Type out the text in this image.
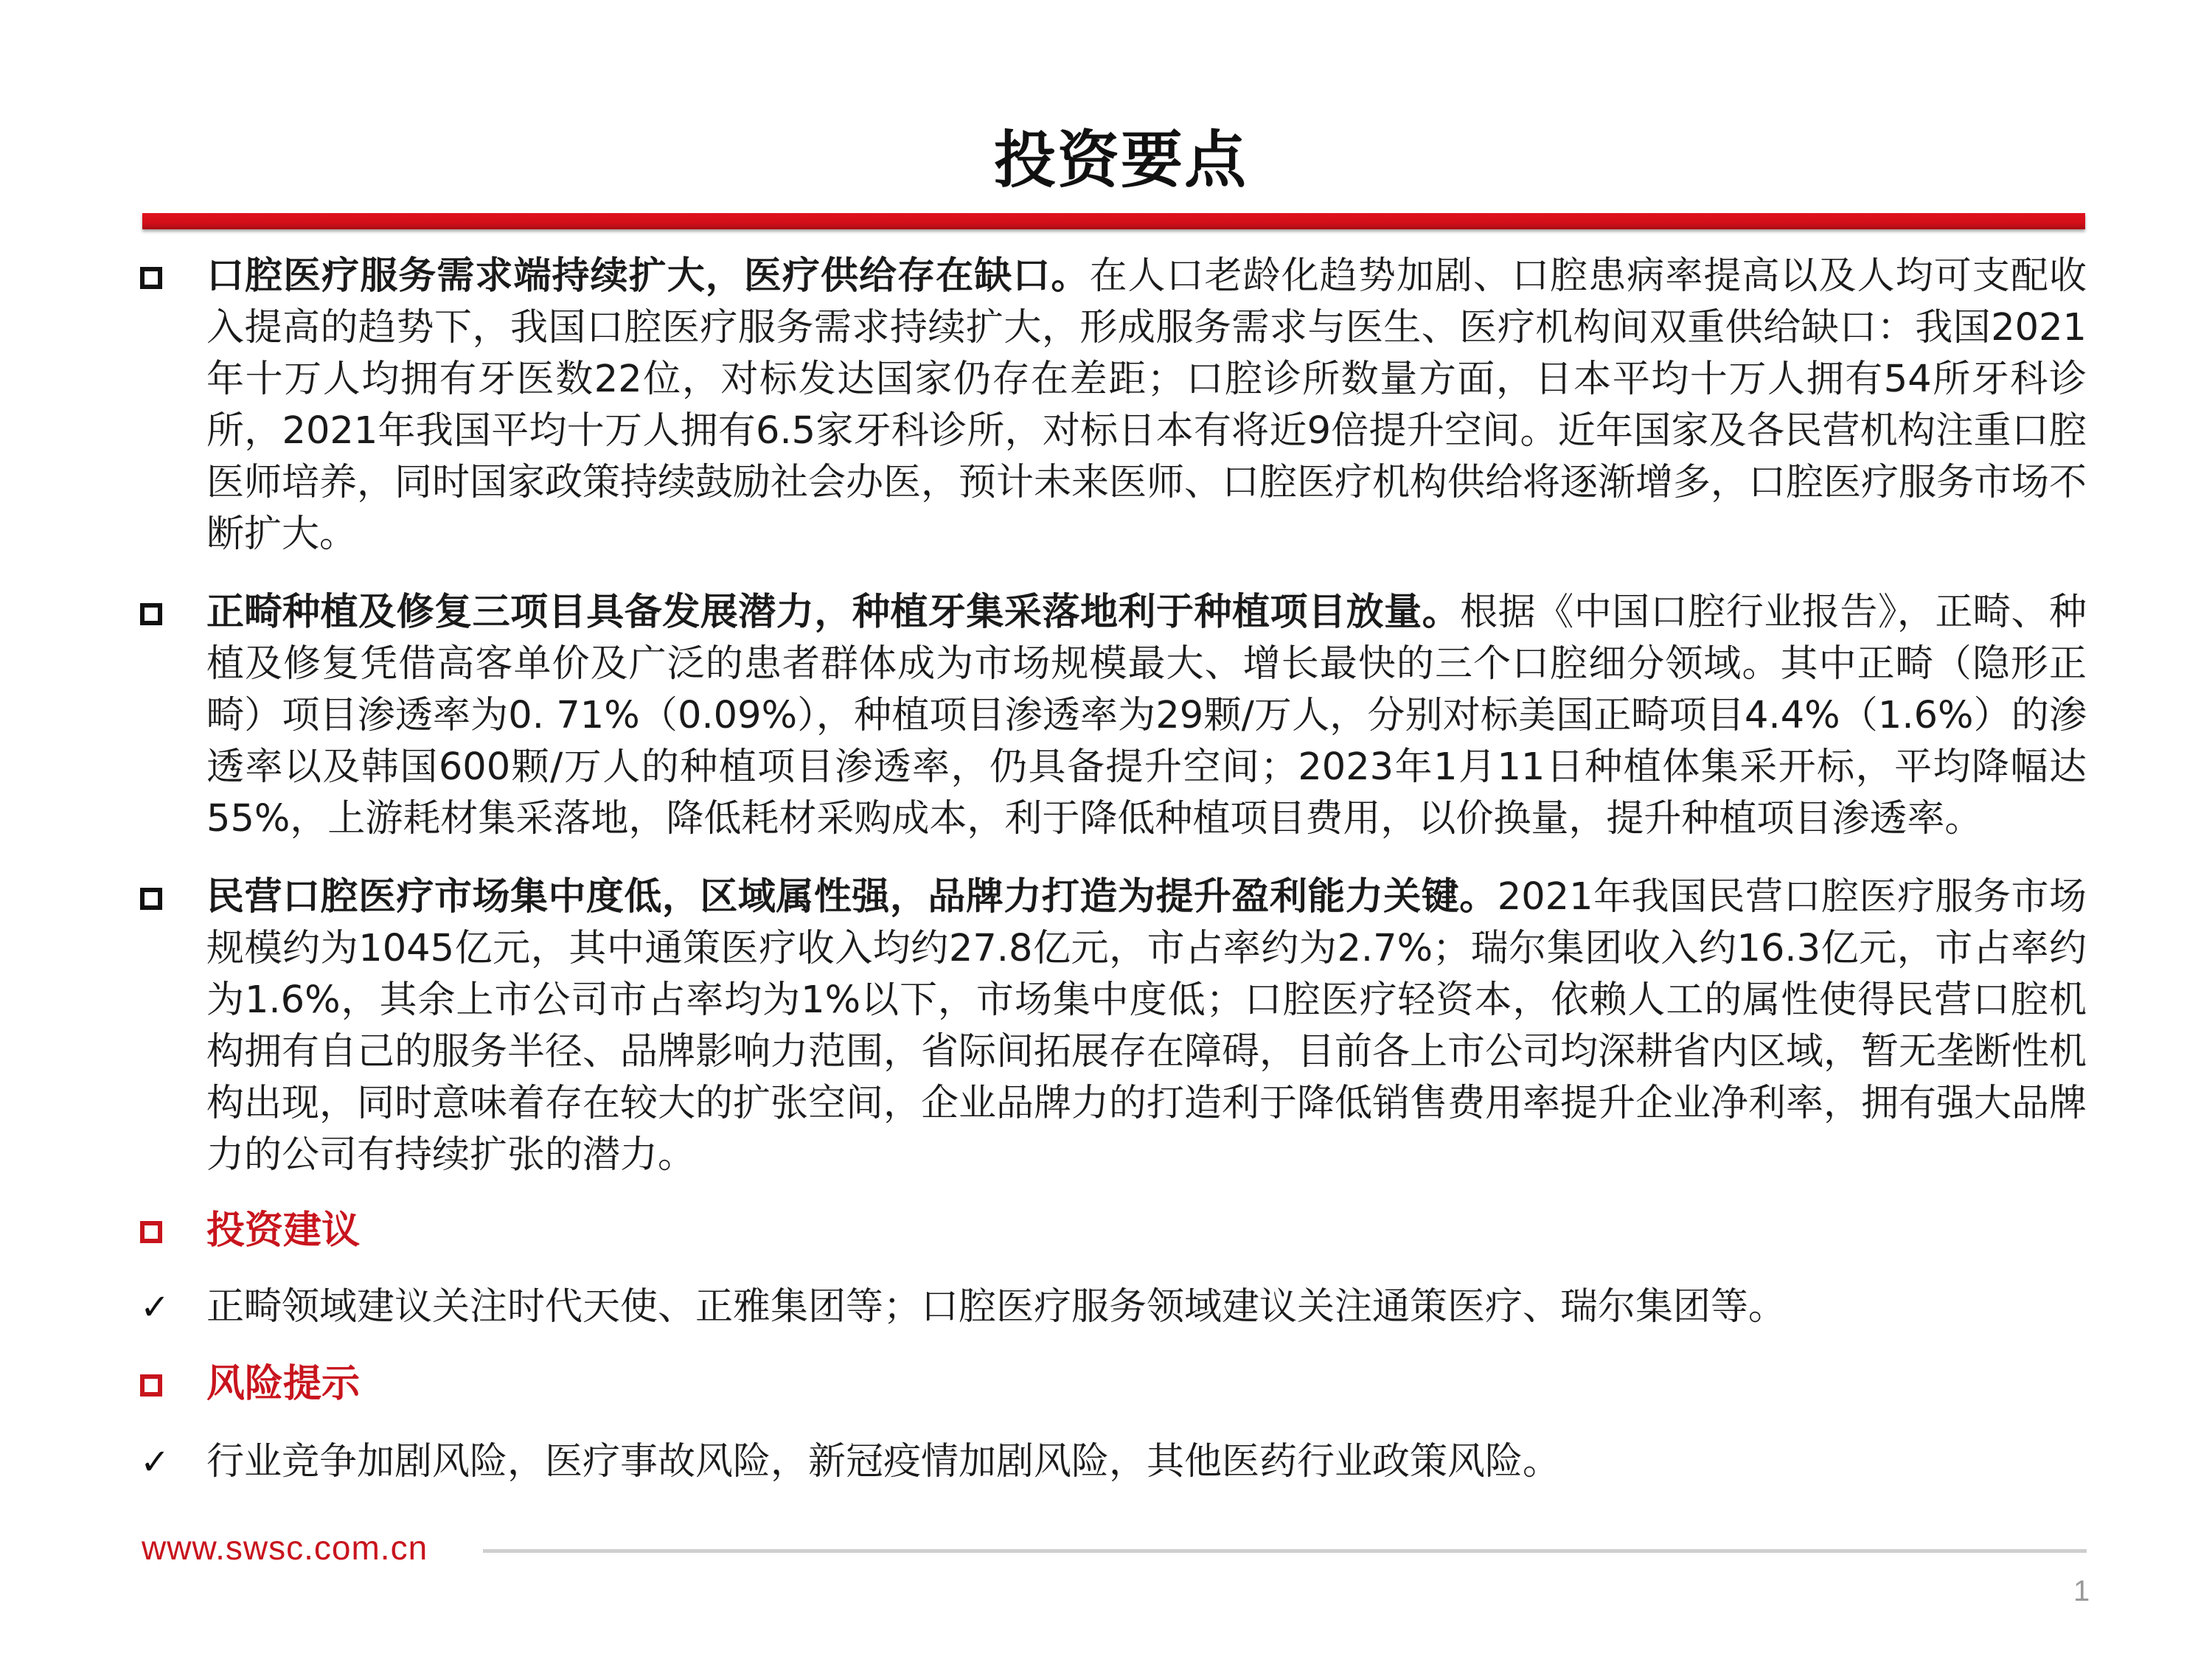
投资要点
口腔医疗服务需求端持续扩大，医疗供给存在缺口。在人口老龄化趋势加剧、口腔患病率提高以及人均可支配收入提高的趋势下，我国口腔医疗服务需求持续扩大，形成服务需求与医生、医疗机构间双重供给缺口：我国2021年十万人均拥有牙医数22位，对标发达国家仍存在差距；口腔诊所数量方面，日本平均十万人拥有54所牙科诊所，2021年我国平均十万人拥有6.5家牙科诊所，对标日本有将近9倍提升空间。近年国家及各民营机构注重口腔医师培养，同时国家政策持续鼓励社会办医，预计未来医师、口腔医疗机构供给将逐渐增多，口腔医疗服务市场不断扩大。
正畸种植及修复三项目具备发展潜力，种植牙集采落地利于种植项目放量。根据《中国口腔行业报告》，正畸、种植及修复凭借高客单价及广泛的患者群体成为市场规模最大、增长最快的三个口腔细分领域。其中正畸（隐形正畸）项目渗透率为0. 71%（0.09%），种植项目渗透率为29颗/万人，分别对标美国正畸项目4.4%（1.6%）的渗透率以及韩国600颗/万人的种植项目渗透率，仍具备提升空间；2023年1月11日种植体集采开标，平均降幅达55%，上游耗材集采落地，降低耗材采购成本，利于降低种植项目费用，以价换量，提升种植项目渗透率。
民营口腔医疗市场集中度低，区域属性强，品牌力打造为提升盈利能力关键。2021年我国民营口腔医疗服务市场规模约为1045亿元，其中通策医疗收入均约27.8亿元，市占率约为2.7%；瑞尔集团收入约16.3亿元，市占率约为1.6%，其余上市公司市占率均为1%以下，市场集中度低；口腔医疗轻资本，依赖人工的属性使得民营口腔机构拥有自己的服务半径、品牌影响力范围，省际间拓展存在障碍，目前各上市公司均深耕省内区域，暂无垄断性机构出现，同时意味着存在较大的扩张空间，企业品牌力的打造利于降低销售费用率提升企业净利率，拥有强大品牌力的公司有持续扩张的潜力。
投资建议
✓ 正畸领域建议关注时代天使、正雅集团等；口腔医疗服务领域建议关注通策医疗、瑞尔集团等。
风险提示
✓ 行业竞争加剧风险，医疗事故风险，新冠疫情加剧风险，其他医药行业政策风险。
www.swsc.com.cn
1
